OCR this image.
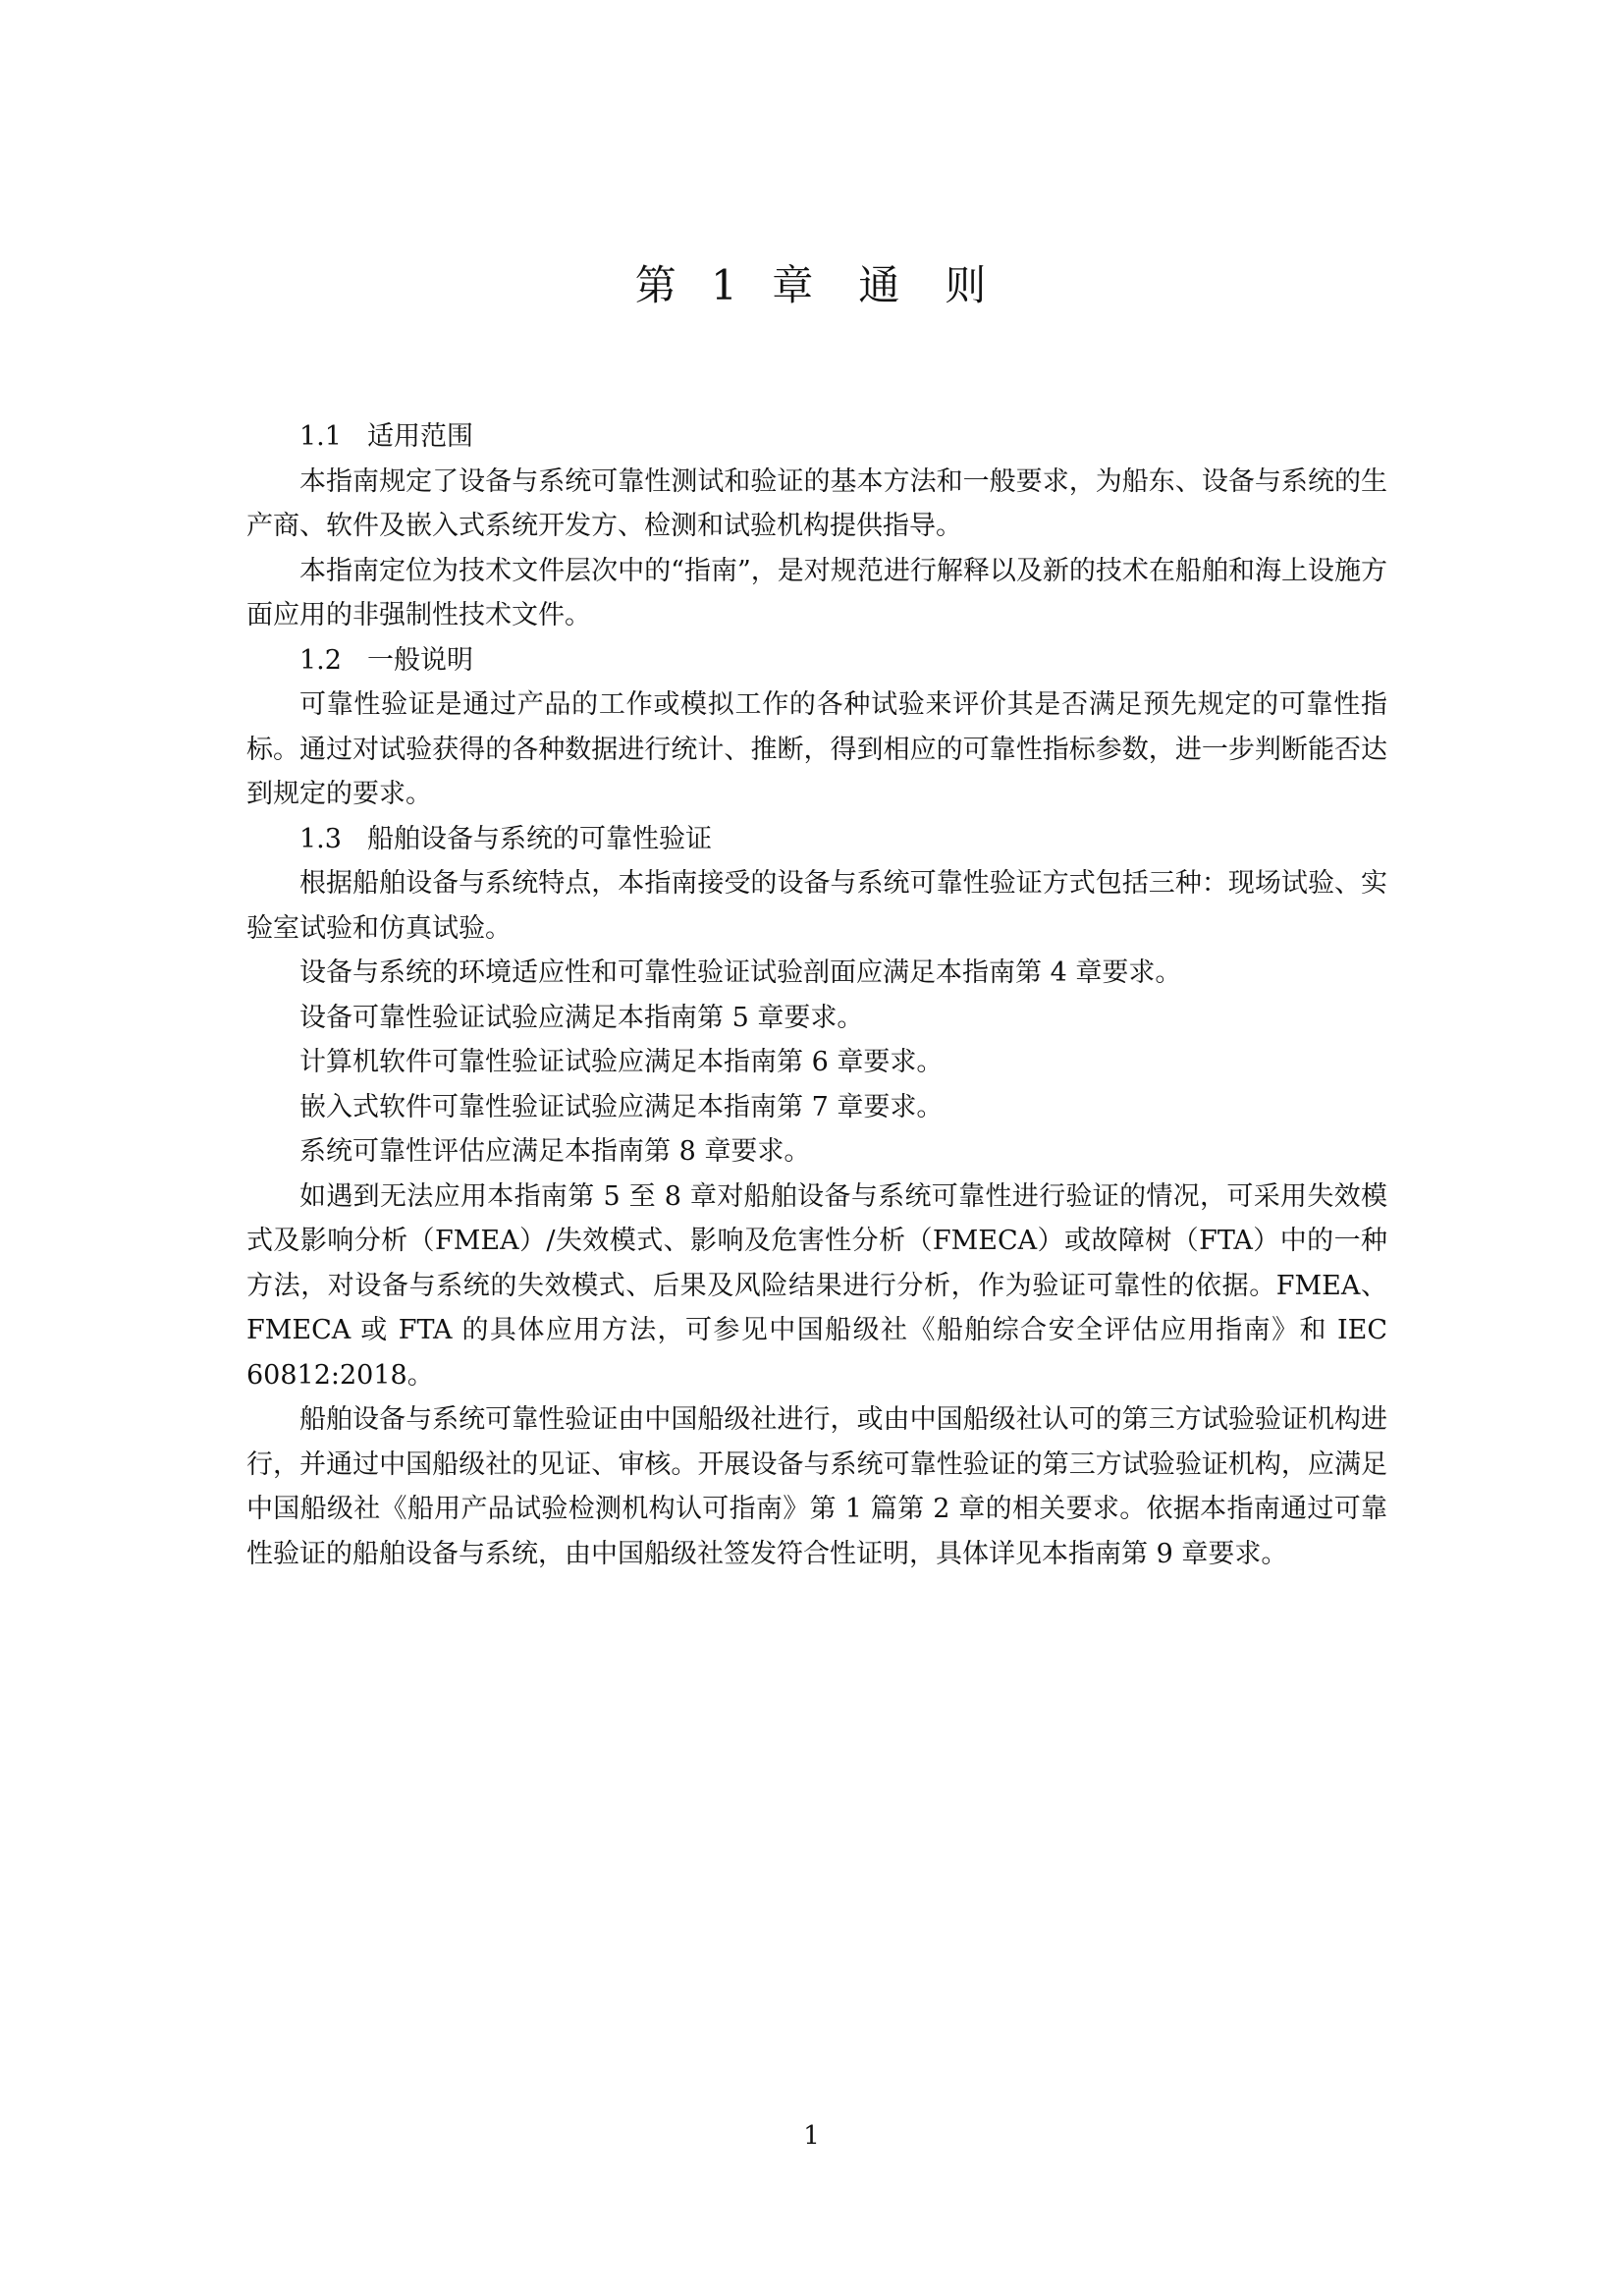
第 1 章　通　则
1.1 适用范围

本指南规定了设备与系统可靠性测试和验证的基本方法和一般要求，为船东、设备与系统的生产商、软件及嵌入式系统开发方、检测和试验机构提供指导。

本指南定位为技术文件层次中的“指南”，是对规范进行解释以及新的技术在船舶和海上设施方面应用的非强制性技术文件。

1.2 一般说明

可靠性验证是通过产品的工作或模拟工作的各种试验来评价其是否满足预先规定的可靠性指标。通过对试验获得的各种数据进行统计、推断，得到相应的可靠性指标参数，进一步判断能否达到规定的要求。

1.3 船舶设备与系统的可靠性验证

根据船舶设备与系统特点，本指南接受的设备与系统可靠性验证方式包括三种：现场试验、实验室试验和仿真试验。

设备与系统的环境适应性和可靠性验证试验剖面应满足本指南第 4 章要求。

设备可靠性验证试验应满足本指南第 5 章要求。

计算机软件可靠性验证试验应满足本指南第 6 章要求。

嵌入式软件可靠性验证试验应满足本指南第 7 章要求。

系统可靠性评估应满足本指南第 8 章要求。

如遇到无法应用本指南第 5 至 8 章对船舶设备与系统可靠性进行验证的情况，可采用失效模式及影响分析（FMEA）/失效模式、影响及危害性分析（FMECA）或故障树（FTA）中的一种方法，对设备与系统的失效模式、后果及风险结果进行分析，作为验证可靠性的依据。FMEA、FMECA 或 FTA 的具体应用方法，可参见中国船级社《船舶综合安全评估应用指南》和 IEC 60812:2018。

船舶设备与系统可靠性验证由中国船级社进行，或由中国船级社认可的第三方试验验证机构进行，并通过中国船级社的见证、审核。开展设备与系统可靠性验证的第三方试验验证机构，应满足中国船级社《船用产品试验检测机构认可指南》第 1 篇第 2 章的相关要求。依据本指南通过可靠性验证的船舶设备与系统，由中国船级社签发符合性证明，具体详见本指南第 9 章要求。

1
